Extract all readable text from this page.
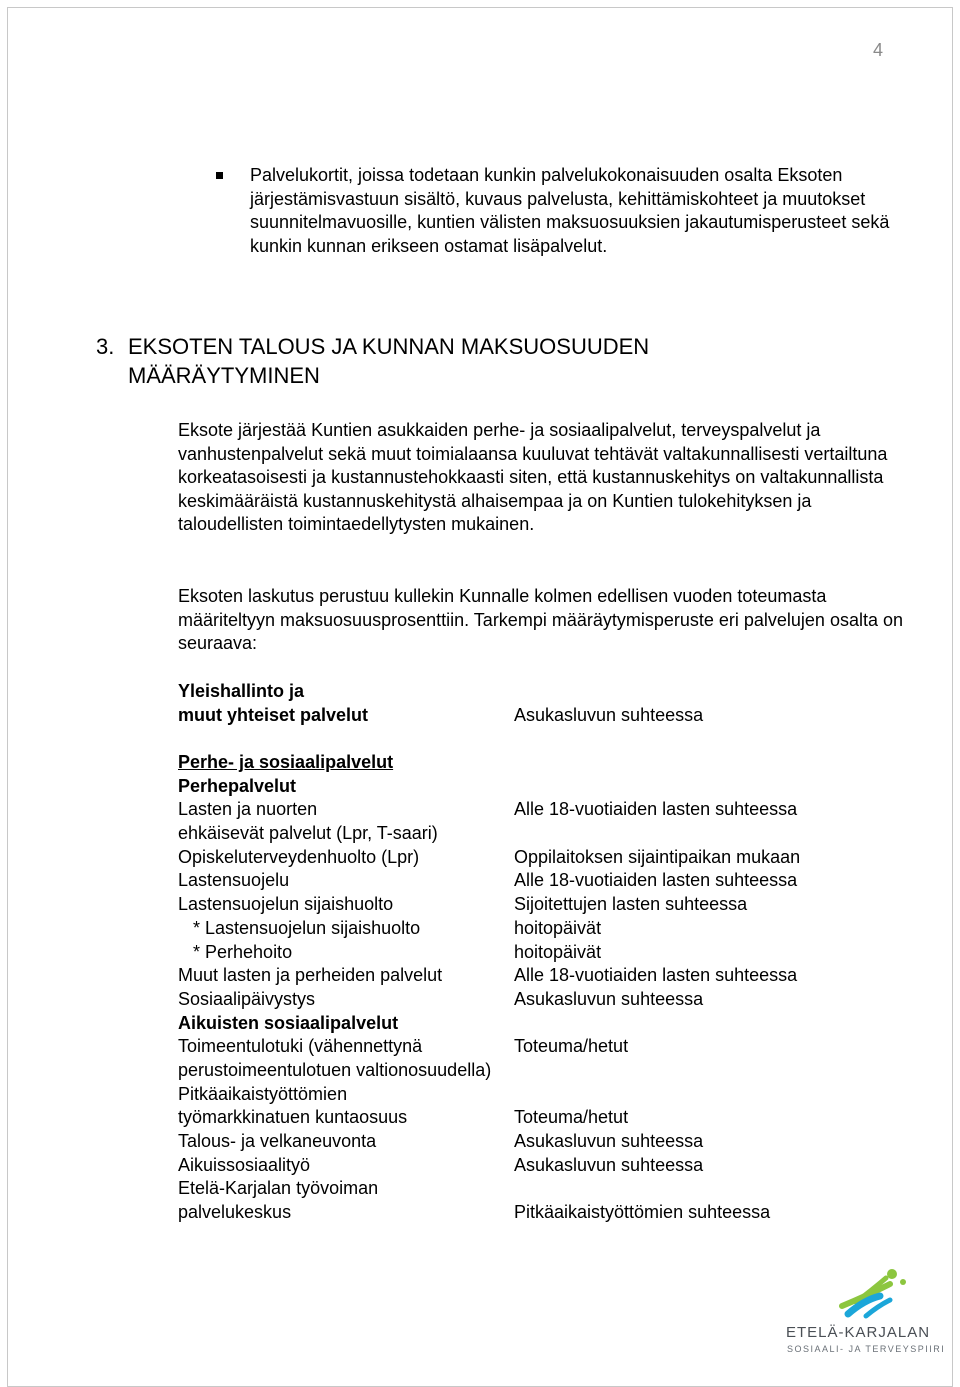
4
Palvelukortit, joissa todetaan kunkin palvelukokonaisuuden osalta Eksoten järjestämisvastuun sisältö, kuvaus palvelusta, kehittämiskohteet ja muutokset suunnitelmavuosille, kuntien välisten maksuosuuksien jakautumisperusteet sekä kunkin kunnan erikseen ostamat lisäpalvelut.
3. EKSOTEN TALOUS JA KUNNAN MAKSUOSUUDEN
MÄÄRÄYTYMINEN
Eksote järjestää Kuntien asukkaiden perhe- ja sosiaalipalvelut, terveyspalvelut ja vanhustenpalvelut sekä muut toimialaansa kuuluvat tehtävät valtakunnallisesti vertailtuna korkeatasoisesti ja kustannustehokkaasti siten, että kustannuskehitys on valtakunnallista keskimääräistä kustannuskehitystä alhaisempaa ja on Kuntien tulokehityksen ja taloudellisten toimintaedellytysten mukainen.
Eksoten laskutus perustuu kullekin Kunnalle kolmen edellisen vuoden toteumasta määriteltyyn maksuosuusprosenttiin. Tarkempi määräytymisperuste eri palvelujen osalta on seuraava:
Yleishallinto ja
muut yhteiset palvelut	Asukasluvun suhteessa
Perhe- ja sosiaalipalvelut
Perhepalvelut
Lasten ja nuorten	Alle 18-vuotiaiden lasten suhteessa
ehkäisevät palvelut (Lpr, T-saari)
Opiskeluterveydenhuolto (Lpr)	Oppilaitoksen sijaintipaikan mukaan
Lastensuojelu	Alle 18-vuotiaiden lasten suhteessa
Lastensuojelun sijaishuolto	Sijoitettujen lasten suhteessa
* Lastensuojelun sijaishuolto	hoitopäivät
* Perhehoito	hoitopäivät
Muut lasten ja perheiden palvelut	Alle 18-vuotiaiden lasten suhteessa
Sosiaalipäivystys	Asukasluvun suhteessa
Aikuisten sosiaalipalvelut
Toimeentulotuki (vähennettynä	Toteuma/hetut
perustoimeentulotuen valtionosuudella)
Pitkäaikaistyöttömien
työmarkkinatuen kuntaosuus	Toteuma/hetut
Talous- ja velkaneuvonta	Asukasluvun suhteessa
Aikuissosiaalityö	Asukasluvun suhteessa
Etelä-Karjalan työvoiman
palvelukeskus	Pitkäaikaistyöttömien suhteessa
ETELÄ-KARJALAN
SOSIAALI- JA TERVEYSPIIRI
